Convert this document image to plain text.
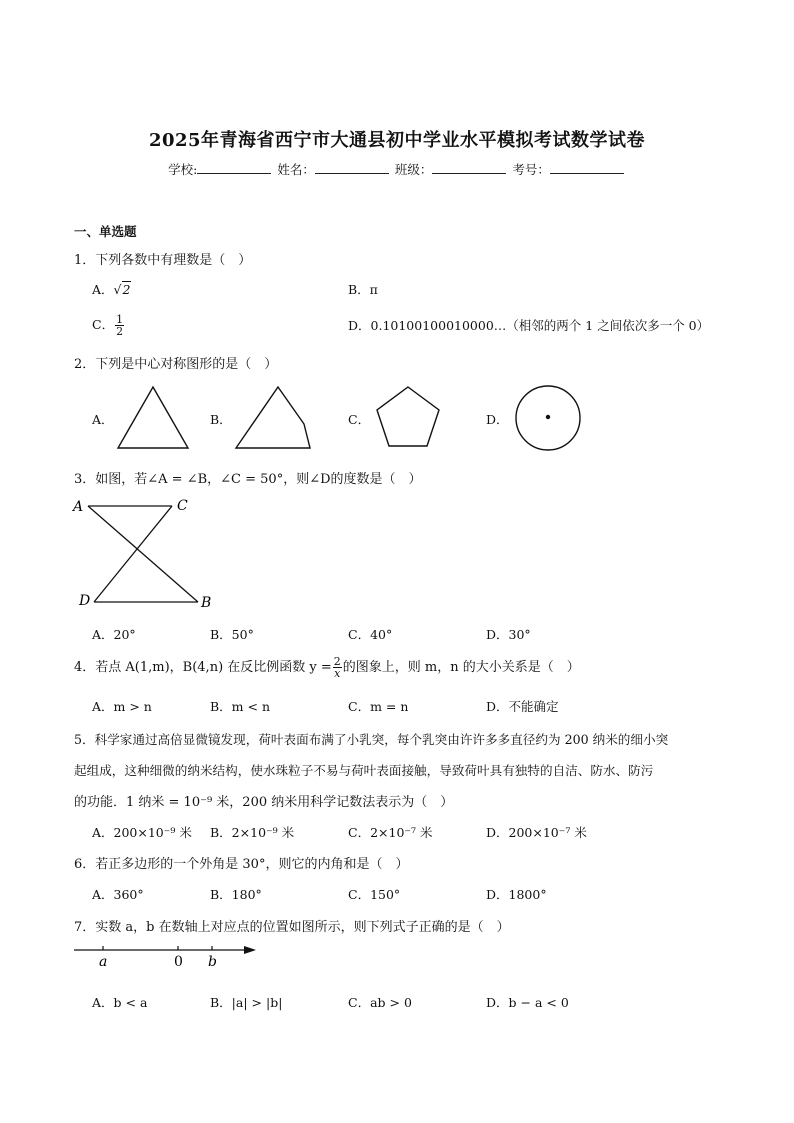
2025年青海省西宁市大通县初中学业水平模拟考试数学试卷
学校:	姓名：	班级：	考号：
一、单选题
1．下列各数中有理数是（　）
A．√2	B．π
C． $\frac{1}{2}$	D．0.10100100010000…（相邻的两个 1 之间依次多一个 0）
2．下列是中心对称图形的是（　）
A．	B．	C．	D．
3．如图，若∠A = ∠B，∠C = 50°，则∠D的度数是（　）
A	C
D	B
A．20°	B．50°	C．40°	D．30°
4．若点 A(1,m)，B(4,n) 在反比例函数 $y = \frac{2}{x}$ 的图象上，则 m，n 的大小关系是（　）
A．m > n	B．m < n	C．m = n	D．不能确定
5．科学家通过高倍显微镜发现，荷叶表面布满了小乳突，每个乳突由许许多多直径约为 200 纳米的细小突
起组成，这种细微的纳米结构，使水珠粒子不易与荷叶表面接触，导致荷叶具有独特的自洁、防水、防污
的功能．1 纳米 = 10⁻⁹ 米，200 纳米用科学记数法表示为（　）
A．200×10⁻⁹ 米 B．2×10⁻⁹ 米	C．2×10⁻⁷ 米	D．200×10⁻⁷ 米
6．若正多边形的一个外角是 30°，则它的内角和是（　）
A．360°	B．180°	C．150°	D．1800°
7．实数 a，b 在数轴上对应点的位置如图所示，则下列式子正确的是（　）
a	0 b
A．b < a	B．|a| > |b|	C．ab > 0	D．b − a < 0
